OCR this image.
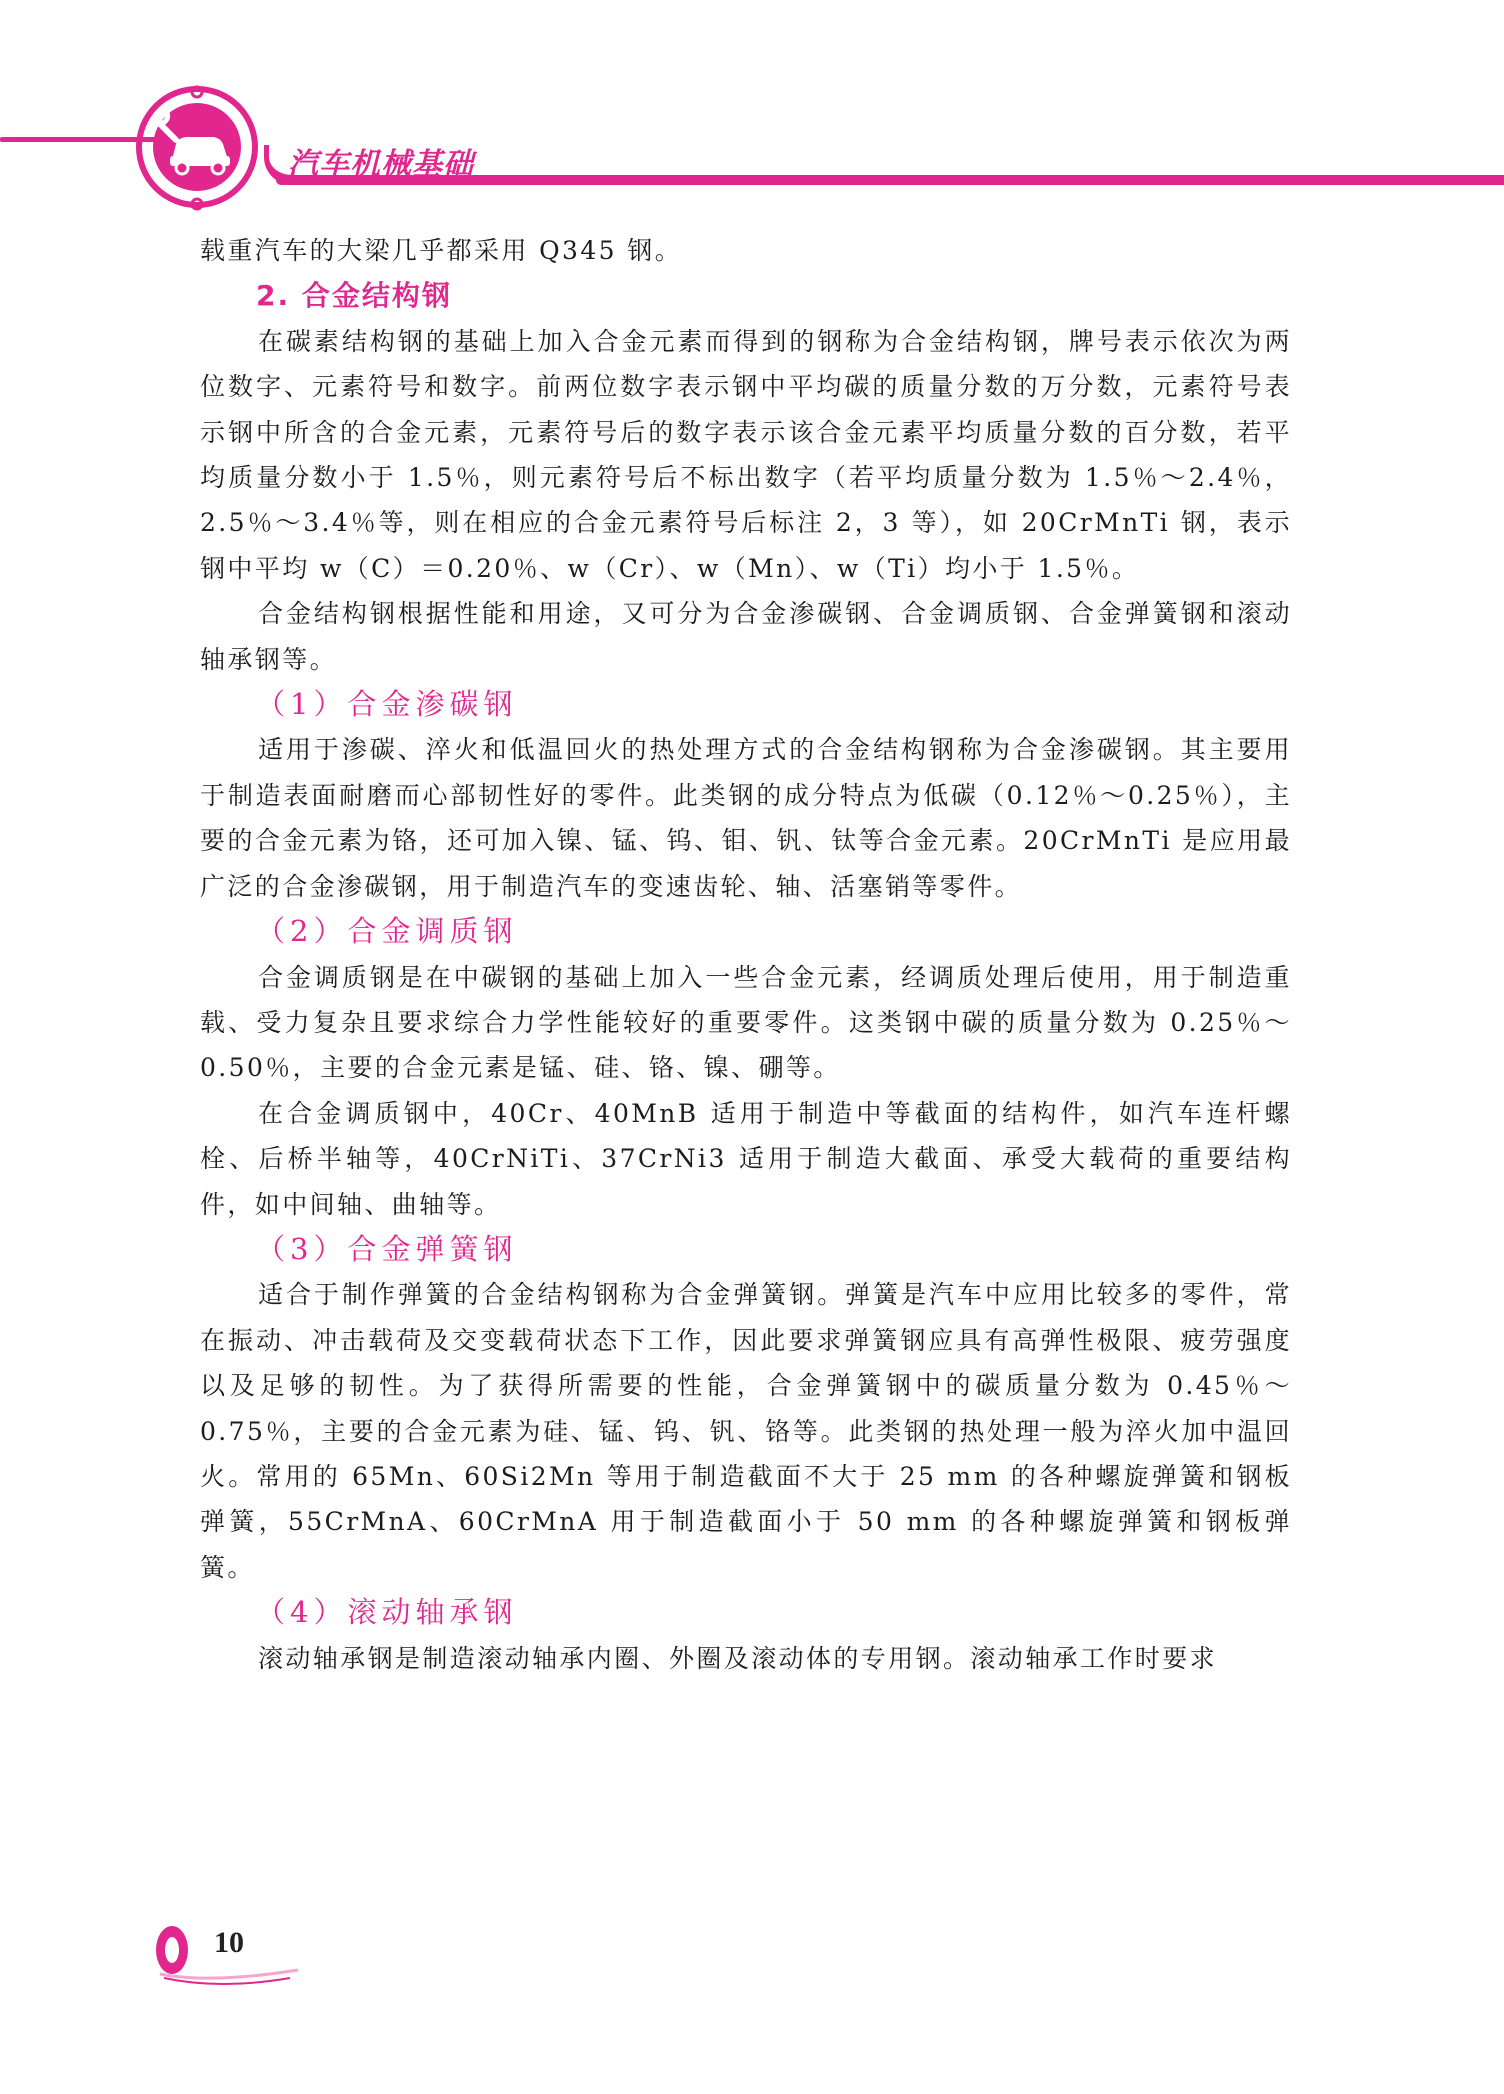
汽车机械基础

载重汽车的大梁几乎都采用 Q345 钢。

2. 合金结构钢

在碳素结构钢的基础上加入合金元素而得到的钢称为合金结构钢，牌号表示依次为两位数字、元素符号和数字。前两位数字表示钢中平均碳的质量分数的万分数，元素符号表示钢中所含的合金元素，元素符号后的数字表示该合金元素平均质量分数的百分数，若平均质量分数小于 1.5％，则元素符号后不标出数字（若平均质量分数为 1.5％～2.4％，2.5％～3.4％等，则在相应的合金元素符号后标注 2，3 等），如 20CrMnTi 钢，表示钢中平均 w（C）＝0.20％、w（Cr）、w（Mn）、w（Ti）均小于 1.5％。

合金结构钢根据性能和用途，又可分为合金渗碳钢、合金调质钢、合金弹簧钢和滚动轴承钢等。

（1）合金渗碳钢

适用于渗碳、淬火和低温回火的热处理方式的合金结构钢称为合金渗碳钢。其主要用于制造表面耐磨而心部韧性好的零件。此类钢的成分特点为低碳（0.12％～0.25％），主要的合金元素为铬，还可加入镍、锰、钨、钼、钒、钛等合金元素。20CrMnTi 是应用最广泛的合金渗碳钢，用于制造汽车的变速齿轮、轴、活塞销等零件。

（2）合金调质钢

合金调质钢是在中碳钢的基础上加入一些合金元素，经调质处理后使用，用于制造重载、受力复杂且要求综合力学性能较好的重要零件。这类钢中碳的质量分数为 0.25％～0.50％，主要的合金元素是锰、硅、铬、镍、硼等。

在合金调质钢中，40Cr、40MnB 适用于制造中等截面的结构件，如汽车连杆螺栓、后桥半轴等，40CrNiTi、37CrNi3 适用于制造大截面、承受大载荷的重要结构件，如中间轴、曲轴等。

（3）合金弹簧钢

适合于制作弹簧的合金结构钢称为合金弹簧钢。弹簧是汽车中应用比较多的零件，常在振动、冲击载荷及交变载荷状态下工作，因此要求弹簧钢应具有高弹性极限、疲劳强度以及足够的韧性。为了获得所需要的性能，合金弹簧钢中的碳质量分数为 0.45％～0.75％，主要的合金元素为硅、锰、钨、钒、铬等。此类钢的热处理一般为淬火加中温回火。常用的 65Mn、60Si2Mn 等用于制造截面不大于 25 mm 的各种螺旋弹簧和钢板弹簧，55CrMnA、60CrMnA 用于制造截面小于 50 mm 的各种螺旋弹簧和钢板弹簧。

（4）滚动轴承钢

滚动轴承钢是制造滚动轴承内圈、外圈及滚动体的专用钢。滚动轴承工作时要求

10
